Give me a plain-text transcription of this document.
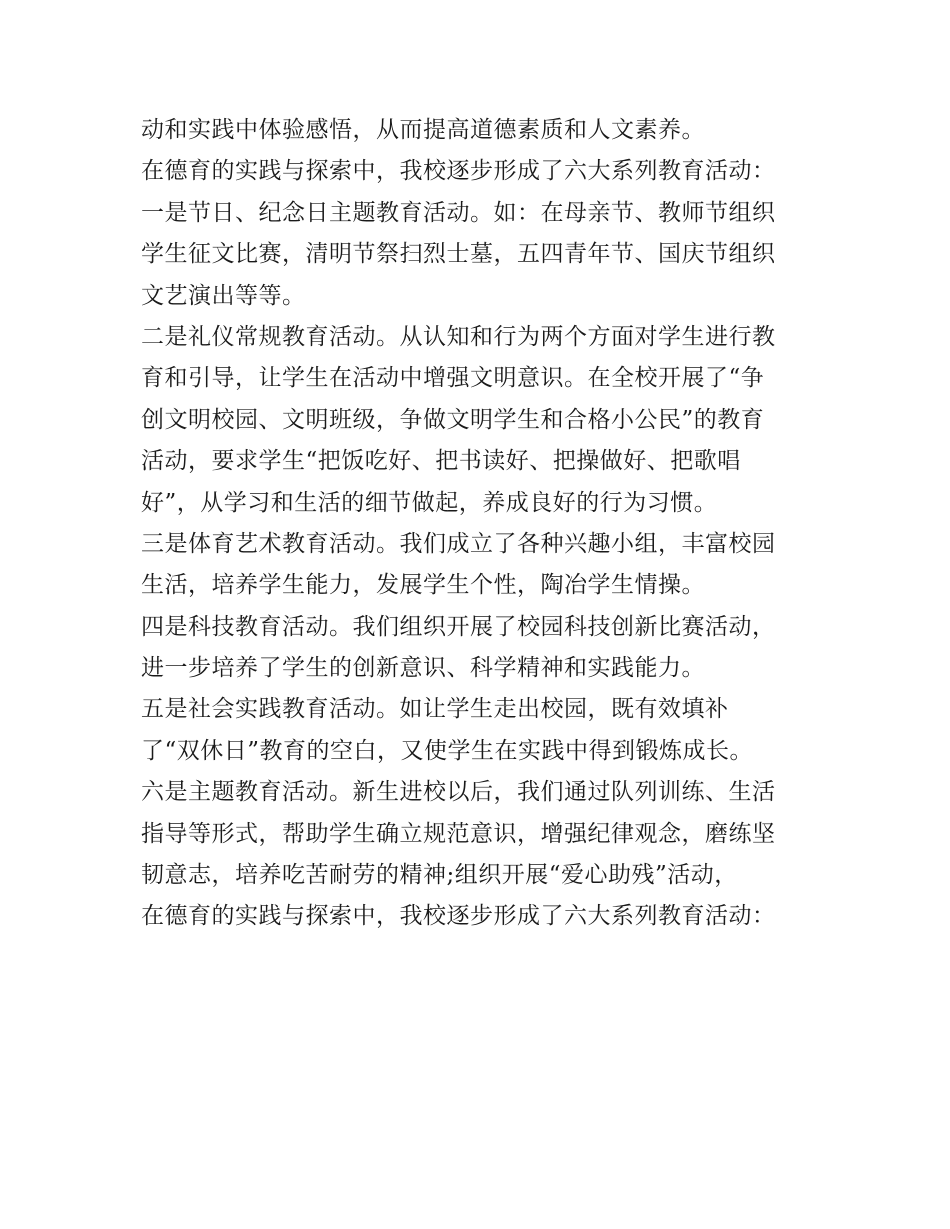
动和实践中体验感悟，从而提高道德素质和人文素养。
在德育的实践与探索中，我校逐步形成了六大系列教育活动：
一是节日、纪念日主题教育活动。如：在母亲节、教师节组织
学生征文比赛，清明节祭扫烈士墓，五四青年节、国庆节组织
文艺演出等等。
二是礼仪常规教育活动。从认知和行为两个方面对学生进行教
育和引导，让学生在活动中增强文明意识。在全校开展了“争
创文明校园、文明班级，争做文明学生和合格小公民”的教育
活动，要求学生“把饭吃好、把书读好、把操做好、把歌唱
好”，从学习和生活的细节做起，养成良好的行为习惯。
三是体育艺术教育活动。我们成立了各种兴趣小组，丰富校园
生活，培养学生能力，发展学生个性，陶冶学生情操。
四是科技教育活动。我们组织开展了校园科技创新比赛活动，
进一步培养了学生的创新意识、科学精神和实践能力。
五是社会实践教育活动。如让学生走出校园，既有效填补
了“双休日”教育的空白，又使学生在实践中得到锻炼成长。
六是主题教育活动。新生进校以后，我们通过队列训练、生活
指导等形式，帮助学生确立规范意识，增强纪律观念，磨练坚
韧意志，培养吃苦耐劳的精神;组织开展“爱心助残”活动，
在德育的实践与探索中，我校逐步形成了六大系列教育活动：
